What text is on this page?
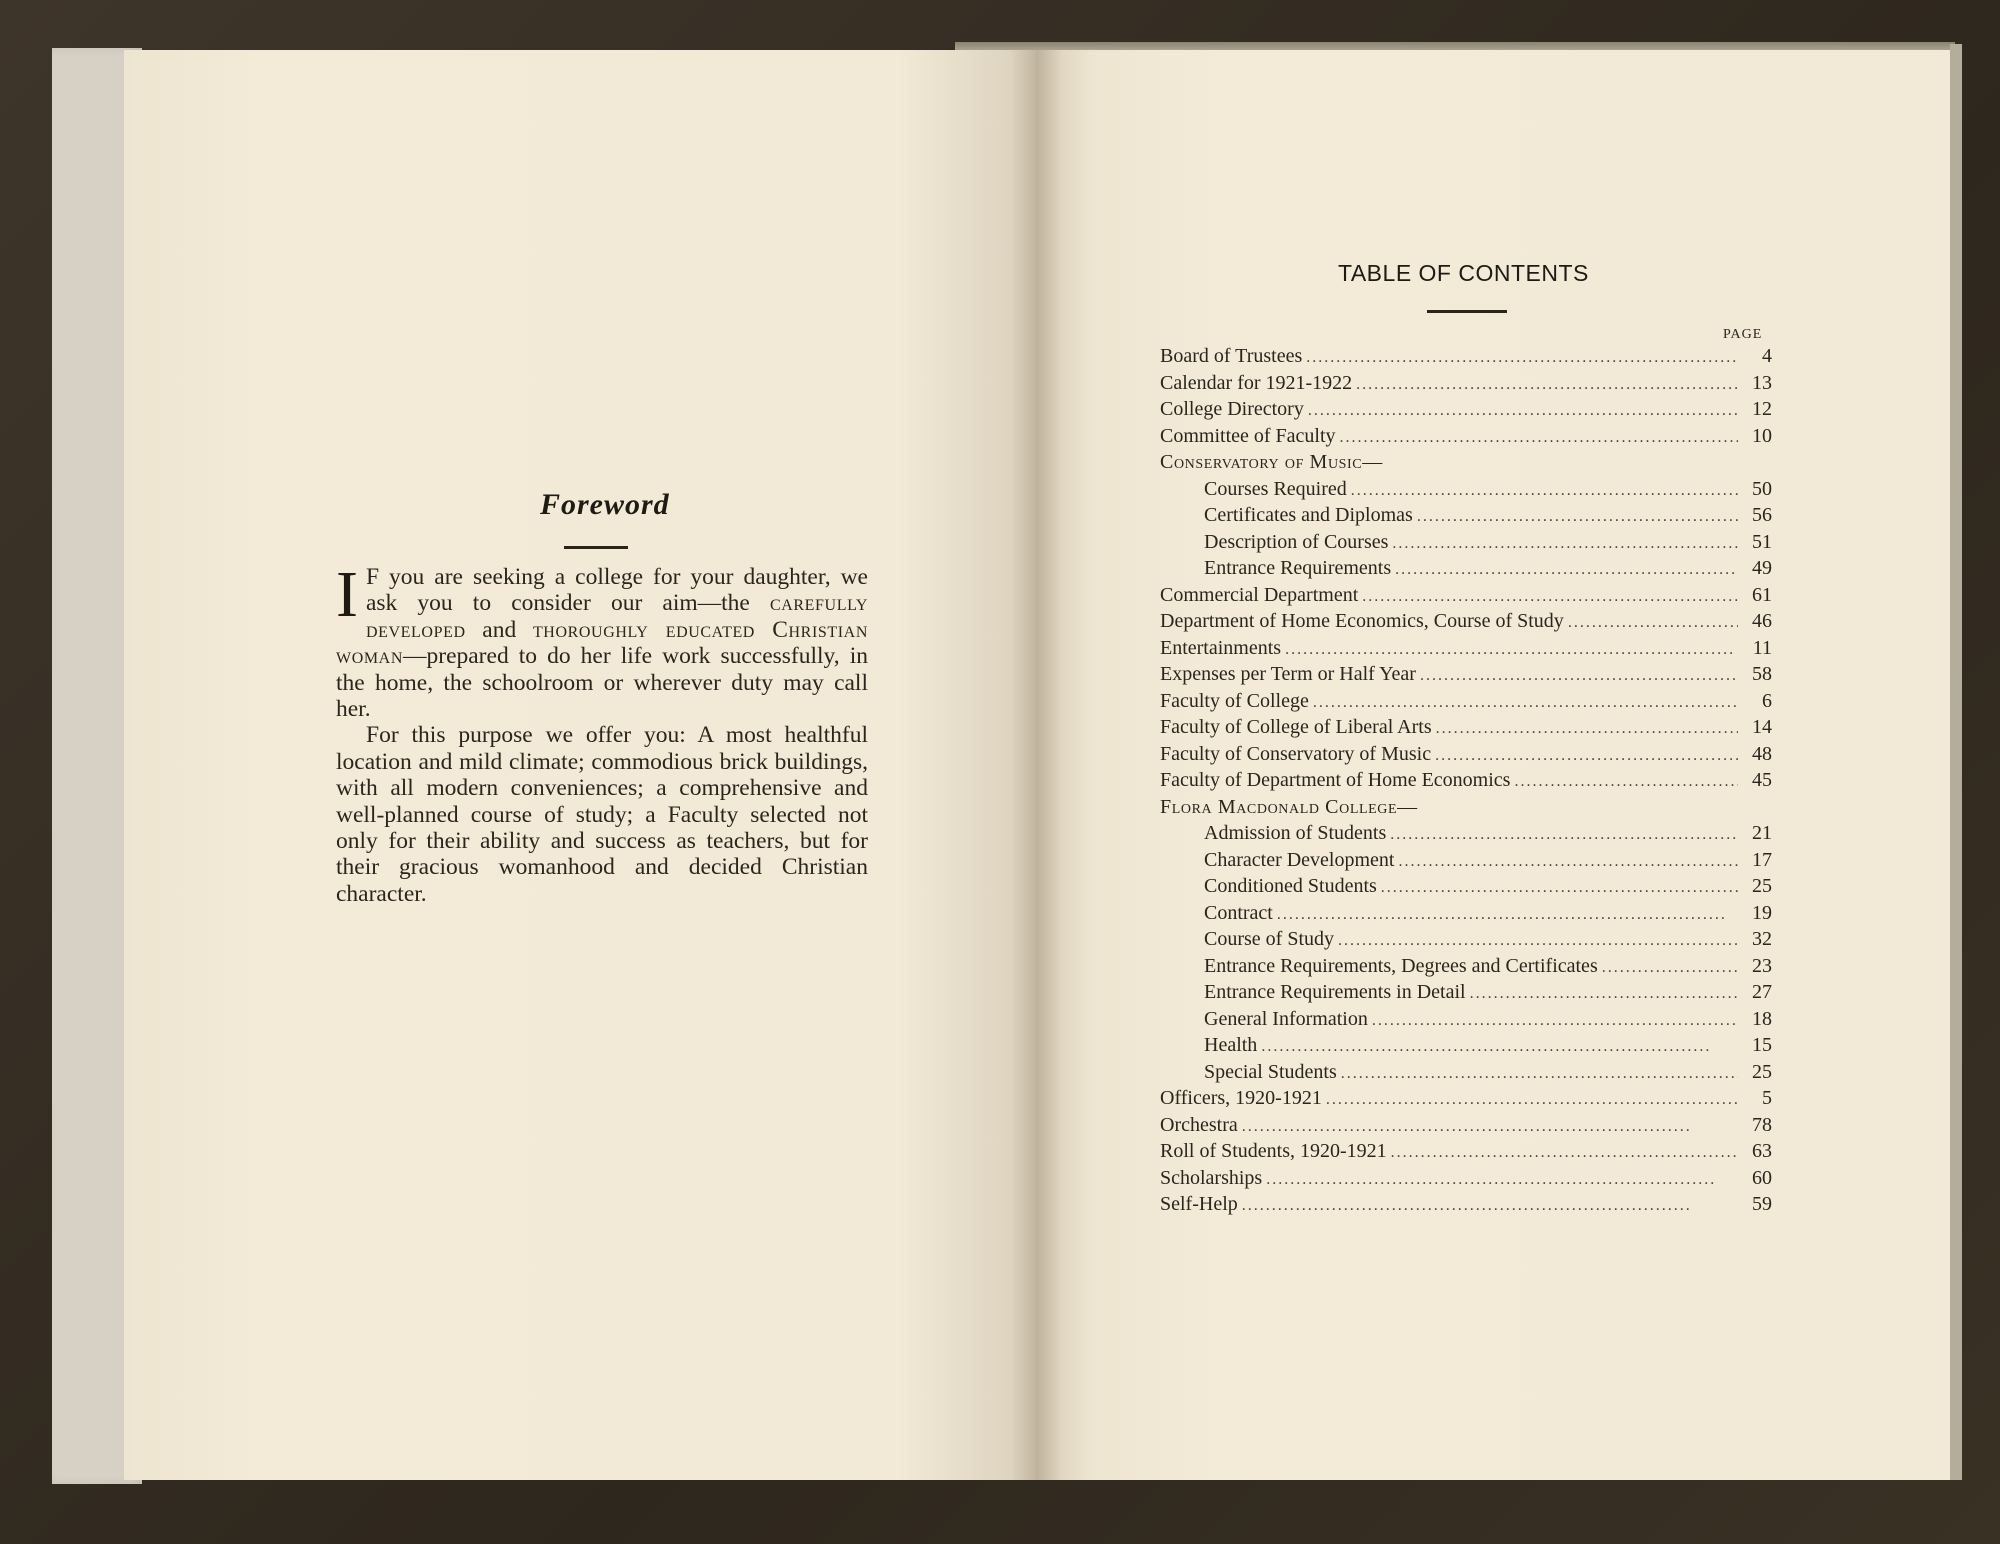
Foreword

I F you are seeking a college for your daughter, we ask you to consider our aim—the carefully developed and thoroughly educated Christian woman—prepared to do her life work successfully, in the home, the schoolroom or wherever duty may call her.

For this purpose we offer you: A most healthful location and mild climate; commodious brick buildings, with all modern conveniences; a comprehensive and well-planned course of study; a Faculty selected not only for their ability and success as teachers, but for their gracious womanhood and decided Christian character.

TABLE OF CONTENTS
PAGE
Board of Trustees . . .	4
Calendar for 1921-1922 . . .	13
College Directory . . .	12
Committee of Faculty . . .	10
Conservatory of Music—
Courses Required . . .	50
Certificates and Diplomas . . .	56
Description of Courses . . .	51
Entrance Requirements . . .	49
Commercial Department . . .	61
Department of Home Economics, Course of Study . . .	46
Entertainments . . .	11
Expenses per Term or Half Year . . .	58
Faculty of College . . .	6
Faculty of College of Liberal Arts . . .	14
Faculty of Conservatory of Music . . .	48
Faculty of Department of Home Economics . . .	45
Flora Macdonald College—
Admission of Students . . .	21
Character Development . . .	17
Conditioned Students . . .	25
Contract . . .	19
Course of Study . . .	32
Entrance Requirements, Degrees and Certificates . . .	23
Entrance Requirements in Detail . . .	27
General Information . . .	18
Health . . .	15
Special Students . . .	25
Officers, 1920-1921 . . .	5
Orchestra . . .	78
Roll of Students, 1920-1921 . . .	63
Scholarships . . .	60
Self-Help . . .	59
